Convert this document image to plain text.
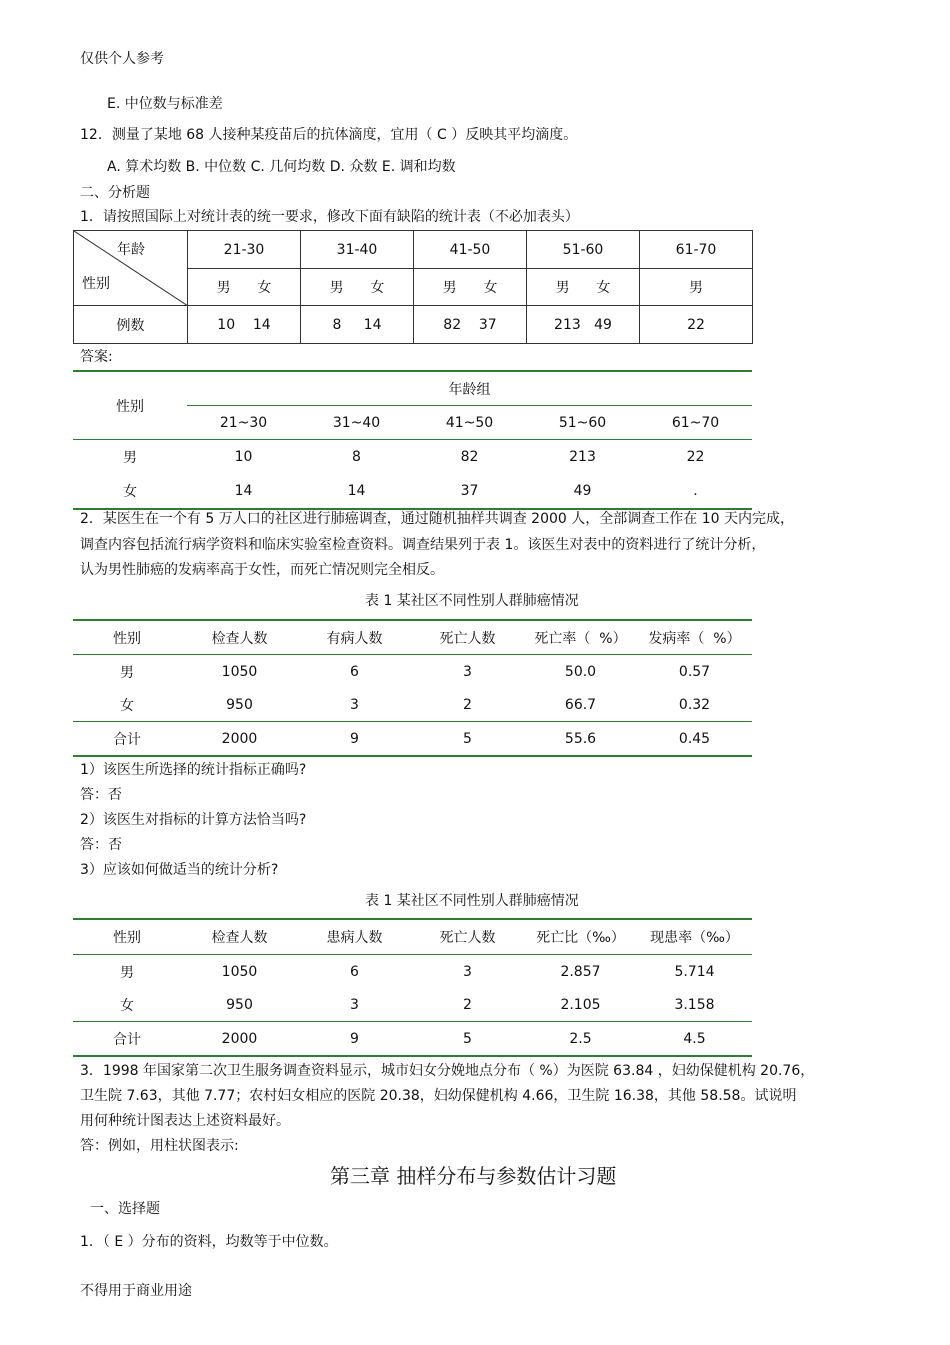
仅供个人参考
E. 中位数与标准差
12．测量了某地 68 人接种某疫苗后的抗体滴度，宜用（ C ）反映其平均滴度。
A. 算术均数 B. 中位数 C. 几何均数 D. 众数 E. 调和均数
二、分析题
1．请按照国际上对统计表的统一要求，修改下面有缺陷的统计表（不必加表头）
年龄
性别	21-30	31-40	41-50	51-60	61-70
	男      女	男      女	男      女	男      女	男
例数	10    14	8     14	82    37	213   49	22
答案:
性别	年龄组				
	21~30	31~40	41~50	51~60	61~70
男	10	8	82	213	22
女	14	14	37	49	.
2．某医生在一个有 5 万人口的社区进行肺癌调查，通过随机抽样共调查 2000 人，全部调查工作在 10 天内完成，
调查内容包括流行病学资料和临床实验室检查资料。调查结果列于表 1。该医生对表中的资料进行了统计分析，
认为男性肺癌的发病率高于女性，而死亡情况则完全相反。
表 1 某社区不同性别人群肺癌情况
性别	检查人数	有病人数	死亡人数	死亡率（  %）	发病率（  %）
男	1050	6	3	50.0	0.57
女	950	3	2	66.7	0.32
合计	2000	9	5	55.6	0.45
1）该医生所选择的统计指标正确吗?
答：否
2）该医生对指标的计算方法恰当吗?
答：否
3）应该如何做适当的统计分析?
表 1 某社区不同性别人群肺癌情况
性别	检查人数	患病人数	死亡人数	死亡比（‰）	现患率（‰）
男	1050	6	3	2.857	5.714
女	950	3	2	2.105	3.158
合计	2000	9	5	2.5	4.5
3．1998 年国家第二次卫生服务调查资料显示，城市妇女分娩地点分布（ %）为医院 63.84 ，妇幼保健机构 20.76，
卫生院 7.63，其他 7.77；农村妇女相应的医院 20.38，妇幼保健机构 4.66，卫生院 16.38，其他 58.58。试说明
用何种统计图表达上述资料最好。
答：例如，用柱状图表示:
第三章 抽样分布与参数估计习题
一、选择题
1．（ E ）分布的资料，均数等于中位数。
不得用于商业用途
